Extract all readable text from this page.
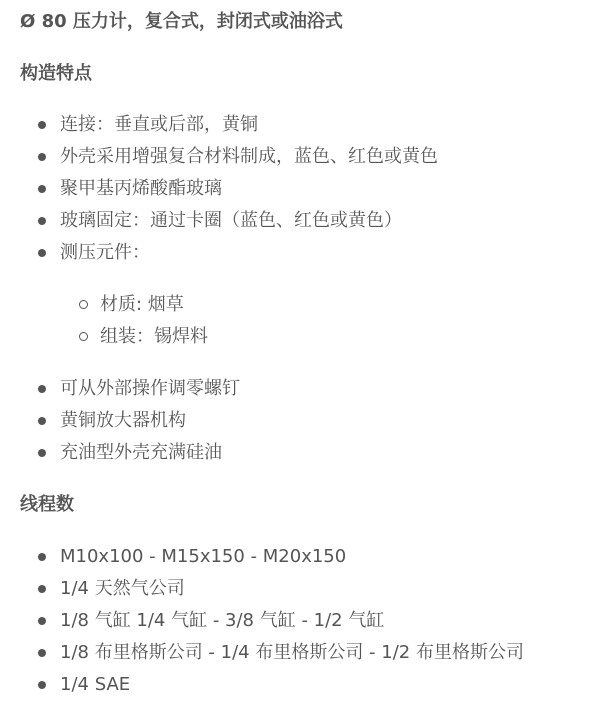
Ø 80 压力计，复合式，封闭式或油浴式
构造特点
连接：垂直或后部，黄铜
外壳采用增强复合材料制成，蓝色、红色或黄色
聚甲基丙烯酸酯玻璃
玻璃固定：通过卡圈（蓝色、红色或黄色）
测压元件：
材质: 烟草
组装：锡焊料
可从外部操作调零螺钉
黄铜放大器机构
充油型外壳充满硅油
线程数
M10x100 - M15x150 - M20x150
1/4 天然气公司
1/8 气缸 1/4 气缸 - 3/8 气缸 - 1/2 气缸
1/8 布里格斯公司 - 1/4 布里格斯公司 - 1/2 布里格斯公司
1/4 SAE
